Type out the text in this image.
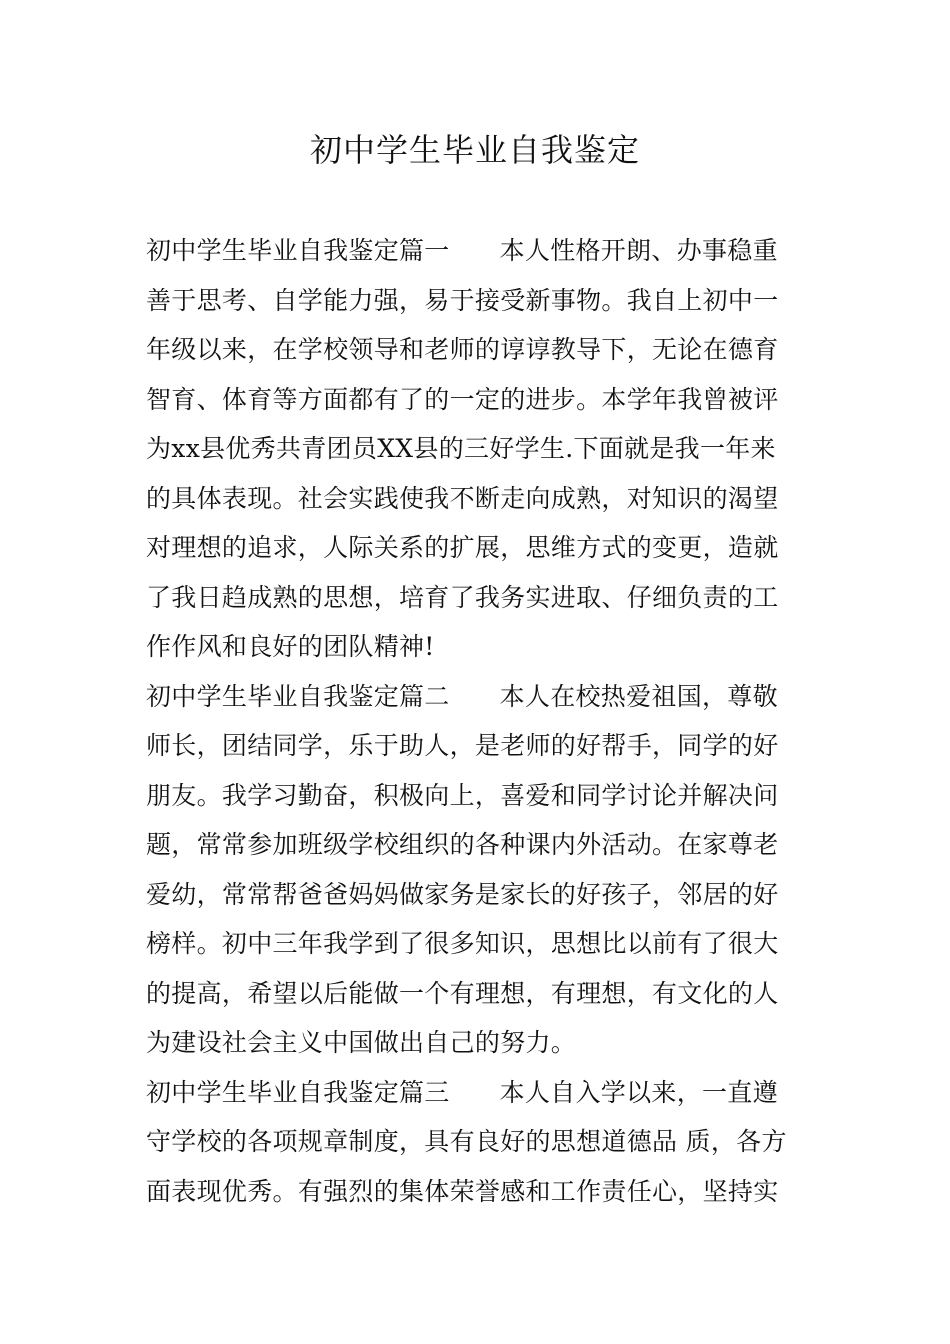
初中学生毕业自我鉴定
初中学生毕业自我鉴定篇一 本人性格开朗、办事稳重
善于思考、自学能力强，易于接受新事物。我自上初中一
年级以来，在学校领导和老师的谆谆教导下，无论在德育
智育、体育等方面都有了的一定的进步。本学年我曾被评
为xx县优秀共青团员XX县的三好学生.下面就是我一年来
的具体表现。社会实践使我不断走向成熟，对知识的渴望
对理想的追求，人际关系的扩展，思维方式的变更，造就
了我日趋成熟的思想，培育了我务实进取、仔细负责的工
作作风和良好的团队精神!
初中学生毕业自我鉴定篇二 本人在校热爱祖国，尊敬
师长，团结同学，乐于助人，是老师的好帮手，同学的好
朋友。我学习勤奋，积极向上，喜爱和同学讨论并解决问
题，常常参加班级学校组织的各种课内外活动。在家尊老
爱幼，常常帮爸爸妈妈做家务是家长的好孩子，邻居的好
榜样。初中三年我学到了很多知识，思想比以前有了很大
的提高，希望以后能做一个有理想，有理想，有文化的人
为建设社会主义中国做出自己的努力。
初中学生毕业自我鉴定篇三 本人自入学以来，一直遵
守学校的各项规章制度，具有良好的思想道德品 质，各方
面表现优秀。有强烈的集体荣誉感和工作责任心，坚持实
